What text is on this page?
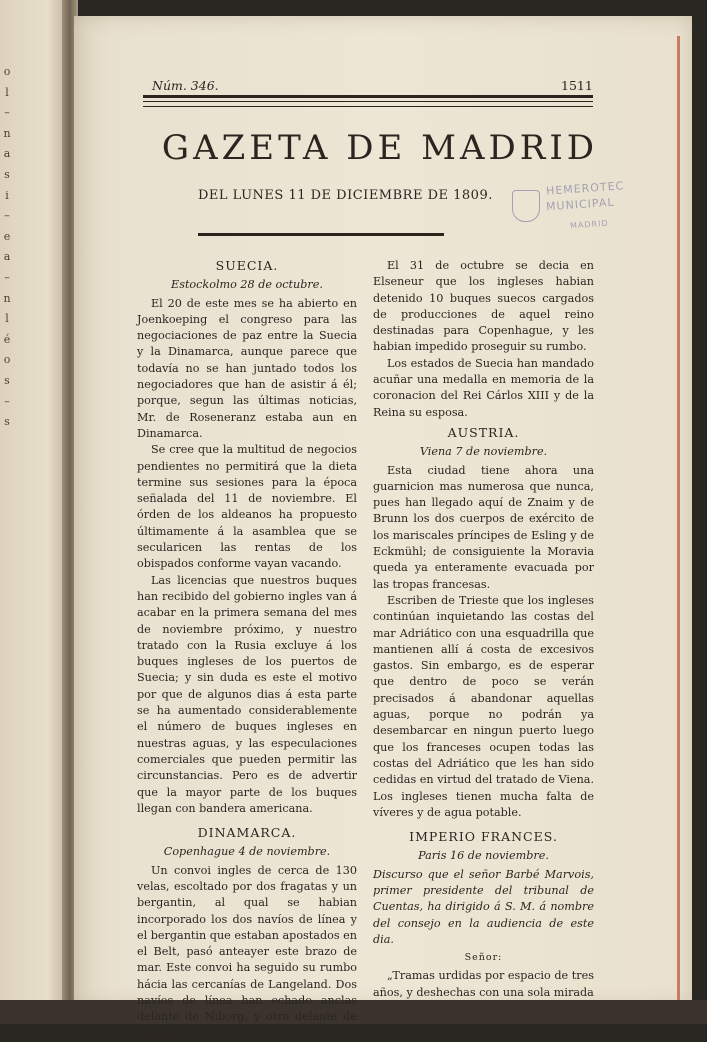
o
l
–
n
a
s
i
–
e
a
–
n
l
é
o
s
–
s
Núm. 346.	1511
GAZETA DE MADRID
DEL LUNES 11 DE DICIEMBRE DE 1809.	HEMEROTEC
MUNICIPAL
MADRID

SUECIA.

Estockolmo 28 de octubre.

El 20 de este mes se ha abierto en Joenkoeping el congreso para las negociaciones de paz entre la Suecia y la Dinamarca, aunque parece que todavía no se han juntado todos los negociadores que han de asistir á él; porque, segun las últimas noticias, Mr. de Roseneranz estaba aun en Dinamarca.

Se cree que la multitud de negocios pendientes no permitirá que la dieta termine sus sesiones para la época señalada del 11 de noviembre. El órden de los aldeanos ha propuesto últimamente á la asamblea que se secularicen las rentas de los obispados conforme vayan vacando.

Las licencias que nuestros buques han recibido del gobierno ingles van á acabar en la primera semana del mes de noviembre próximo, y nuestro tratado con la Rusia excluye á los buques ingleses de los puertos de Suecia; y sin duda es este el motivo por que de algunos dias á esta parte se ha aumentado considerablemente el número de buques ingleses en nuestras aguas, y las especulaciones comerciales que pueden permitir las circunstancias. Pero es de advertir que la mayor parte de los buques llegan con bandera americana.

DINAMARCA.

Copenhague 4 de noviembre.

Un convoi ingles de cerca de 130 velas, escoltado por dos fragatas y un bergantin, al qual se habian incorporado los dos navíos de línea y el bergantin que estaban apostados en el Belt, pasó anteayer este brazo de mar. Este convoi ha seguido su rumbo hácia las cercanías de Langeland. Dos navíos de línea han echado anclas delante de Niborg, y otro delante de Sprogoé.

El 31 de octubre se decia en Elseneur que los ingleses habian detenido 10 buques suecos cargados de producciones de aquel reino destinadas para Copenhague, y les habian impedido proseguir su rumbo.

Los estados de Suecia han mandado acuñar una medalla en memoria de la coronacion del Rei Cárlos XIII y de la Reina su esposa.

AUSTRIA.

Viena 7 de noviembre.

Esta ciudad tiene ahora una guarnicion mas numerosa que nunca, pues han llegado aquí de Znaim y de Brunn los dos cuerpos de exército de los mariscales príncipes de Esling y de Eckmühl; de consiguiente la Moravia queda ya enteramente evacuada por las tropas francesas.

Escriben de Trieste que los ingleses continúan inquietando las costas del mar Adriático con una esquadrilla que mantienen allí á costa de excesivos gastos. Sin embargo, es de esperar que dentro de poco se verán precisados á abandonar aquellas aguas, porque no podrán ya desembarcar en ningun puerto luego que los franceses ocupen todas las costas del Adriático que les han sido cedidas en virtud del tratado de Viena. Los ingleses tienen mucha falta de víveres y de agua potable.

IMPERIO FRANCES.

Paris 16 de noviembre.

Discurso que el señor Barbé Marvois, primer presidente del tribunal de Cuentas, ha dirigido á S. M. á nombre del consejo en la audiencia de este dia.

Señor:

„Tramas urdidas por espacio de tres años, y deshechas con una sola mirada
